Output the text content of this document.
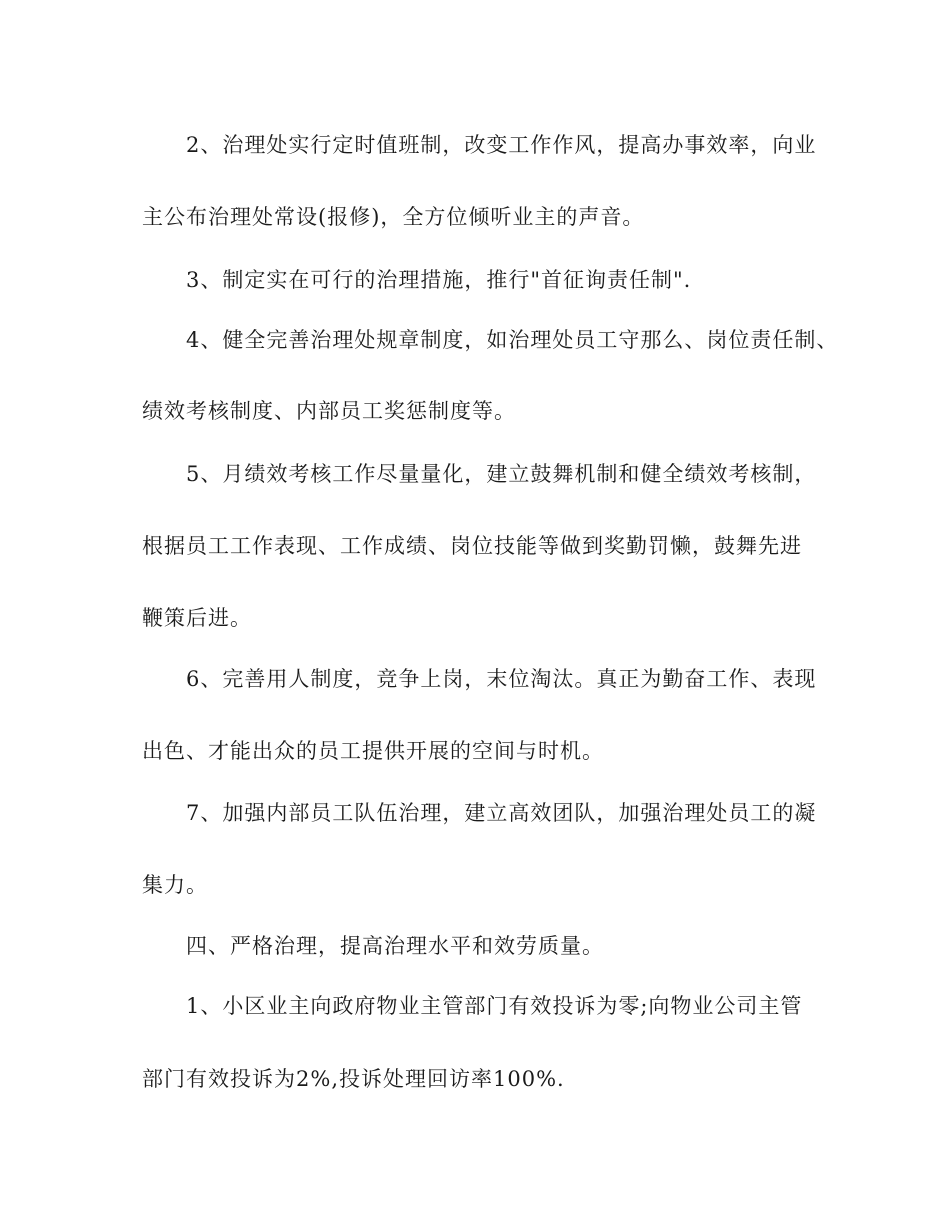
2、治理处实行定时值班制，改变工作作风，提高办事效率，向业

主公布治理处常设(报修)，全方位倾听业主的声音。

3、制定实在可行的治理措施，推行"首征询责任制".

4、健全完善治理处规章制度，如治理处员工守那么、岗位责任制、

绩效考核制度、内部员工奖惩制度等。

5、月绩效考核工作尽量量化，建立鼓舞机制和健全绩效考核制，

根据员工工作表现、工作成绩、岗位技能等做到奖勤罚懒，鼓舞先进

鞭策后进。

6、完善用人制度，竞争上岗，末位淘汰。真正为勤奋工作、表现

出色、才能出众的员工提供开展的空间与时机。

7、加强内部员工队伍治理，建立高效团队，加强治理处员工的凝

集力。

四、严格治理，提高治理水平和效劳质量。

1、小区业主向政府物业主管部门有效投诉为零;向物业公司主管

部门有效投诉为2%,投诉处理回访率100%.
